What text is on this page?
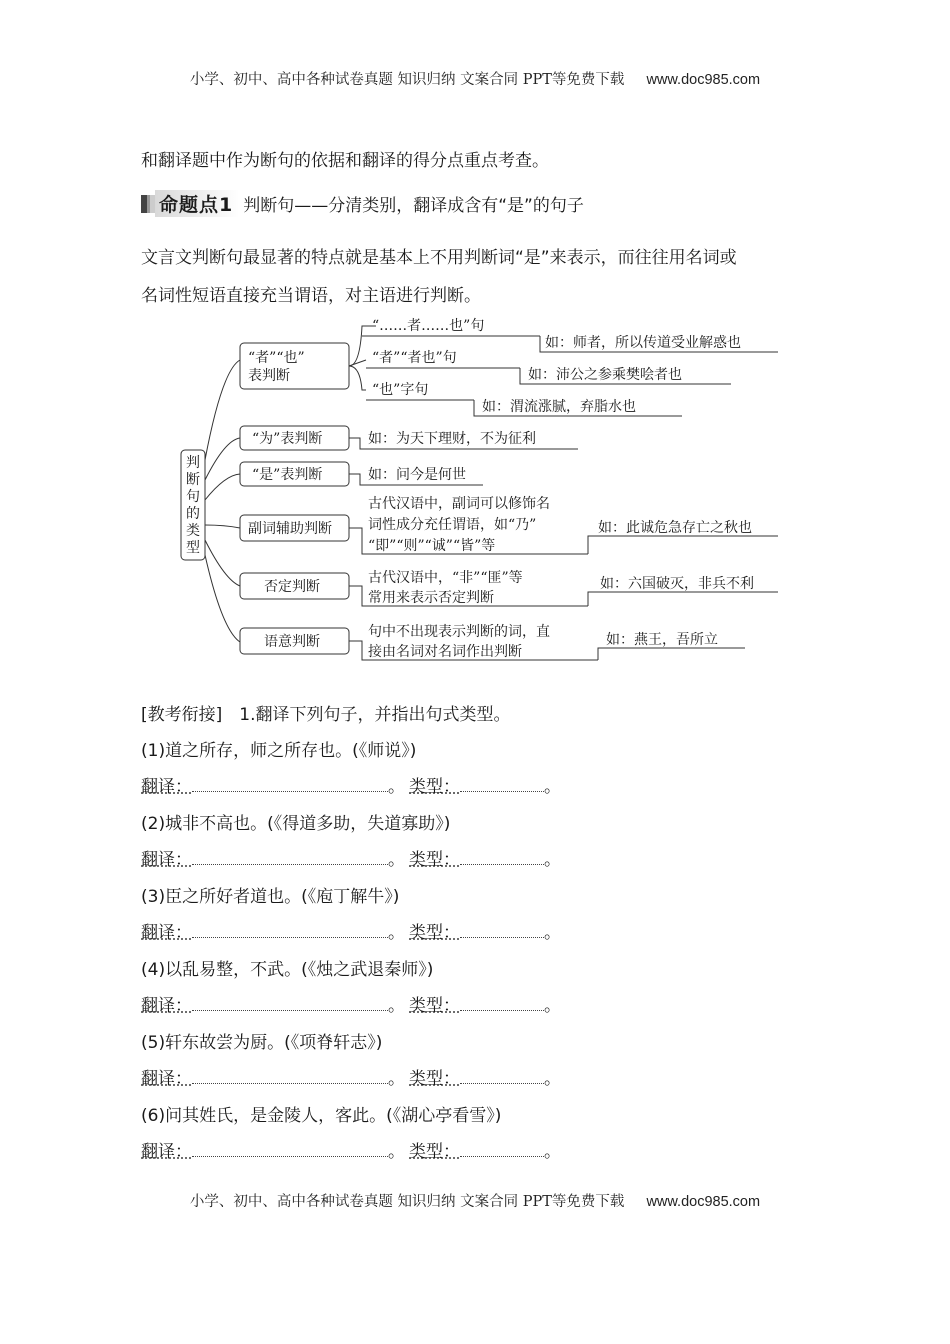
小学、初中、高中各种试卷真题 知识归纳 文案合同 PPT等免费下载 www.doc985.com
和翻译题中作为断句的依据和翻译的得分点重点考查。
命题点1 判断句——分清类别，翻译成含有“是”的句子
文言文判断句最显著的特点就是基本上不用判断词“是”来表示，而往往用名词或
名词性短语直接充当谓语，对主语进行判断。
判
断
句
的
类
型
“者”“也”
表判断
“……者……也”句
如：师者，所以传道受业解惑也
“者”“者也”句
如：沛公之参乘樊哙者也
“也”字句
如：渭流涨腻，弃脂水也
“为”表判断	如：为天下理财，不为征利
“是”表判断	如：问今是何世
副词辅助判断
古代汉语中，副词可以修饰名
词性成分充任谓语，如“乃”
“即”“则”“诚”“皆”等
如：此诚危急存亡之秋也
否定判断
古代汉语中，“非”“匪”等
常用来表示否定判断
如：六国破灭，非兵不利
语意判断
句中不出现表示判断的词，直
接由名词对名词作出判断
如：燕王，吾所立
[教考衔接]　1.翻译下列句子，并指出句式类型。
(1)道之所存，师之所存也。(《师说》)
翻译：	。 类型：	。
(2)城非不高也。(《得道多助，失道寡助》)
翻译：	。 类型：	。
(3)臣之所好者道也。(《庖丁解牛》)
翻译：	。 类型：	。
(4)以乱易整，不武。(《烛之武退秦师》)
翻译：	。 类型：	。
(5)轩东故尝为厨。(《项脊轩志》)
翻译：	。 类型：	。
(6)问其姓氏，是金陵人，客此。(《湖心亭看雪》)
翻译：	。 类型：	。
小学、初中、高中各种试卷真题 知识归纳 文案合同 PPT等免费下载 www.doc985.com
